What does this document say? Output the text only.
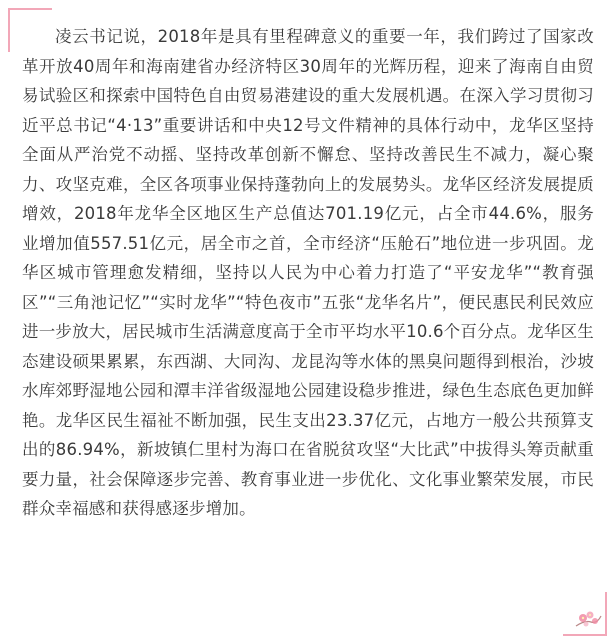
凌云书记说，2018年是具有里程碑意义的重要一年，我们跨过了国家改革开放40周年和海南建省办经济特区30周年的光辉历程，迎来了海南自由贸易试验区和探索中国特色自由贸易港建设的重大发展机遇。在深入学习贯彻习近平总书记“4·13”重要讲话和中央12号文件精神的具体行动中，龙华区坚持全面从严治党不动摇、坚持改革创新不懈怠、坚持改善民生不减力，凝心聚力、攻坚克难，全区各项事业保持蓬勃向上的发展势头。龙华区经济发展提质增效，2018年龙华全区地区生产总值达701.19亿元，占全市44.6%，服务业增加值557.51亿元，居全市之首，全市经济“压舱石”地位进一步巩固。龙华区城市管理愈发精细，坚持以人民为中心着力打造了“平安龙华”“教育强区”“三角池记忆”“实时龙华”“特色夜市”五张“龙华名片”，便民惠民利民效应进一步放大，居民城市生活满意度高于全市平均水平10.6个百分点。龙华区生态建设硕果累累，东西湖、大同沟、龙昆沟等水体的黑臭问题得到根治，沙坡水库郊野湿地公园和潭丰洋省级湿地公园建设稳步推进，绿色生态底色更加鲜艳。龙华区民生福祉不断加强，民生支出23.37亿元，占地方一般公共预算支出的86.94%，新坡镇仁里村为海口在省脱贫攻坚“大比武”中拔得头筹贡献重要力量，社会保障逐步完善、教育事业进一步优化、文化事业繁荣发展，市民群众幸福感和获得感逐步增加。
